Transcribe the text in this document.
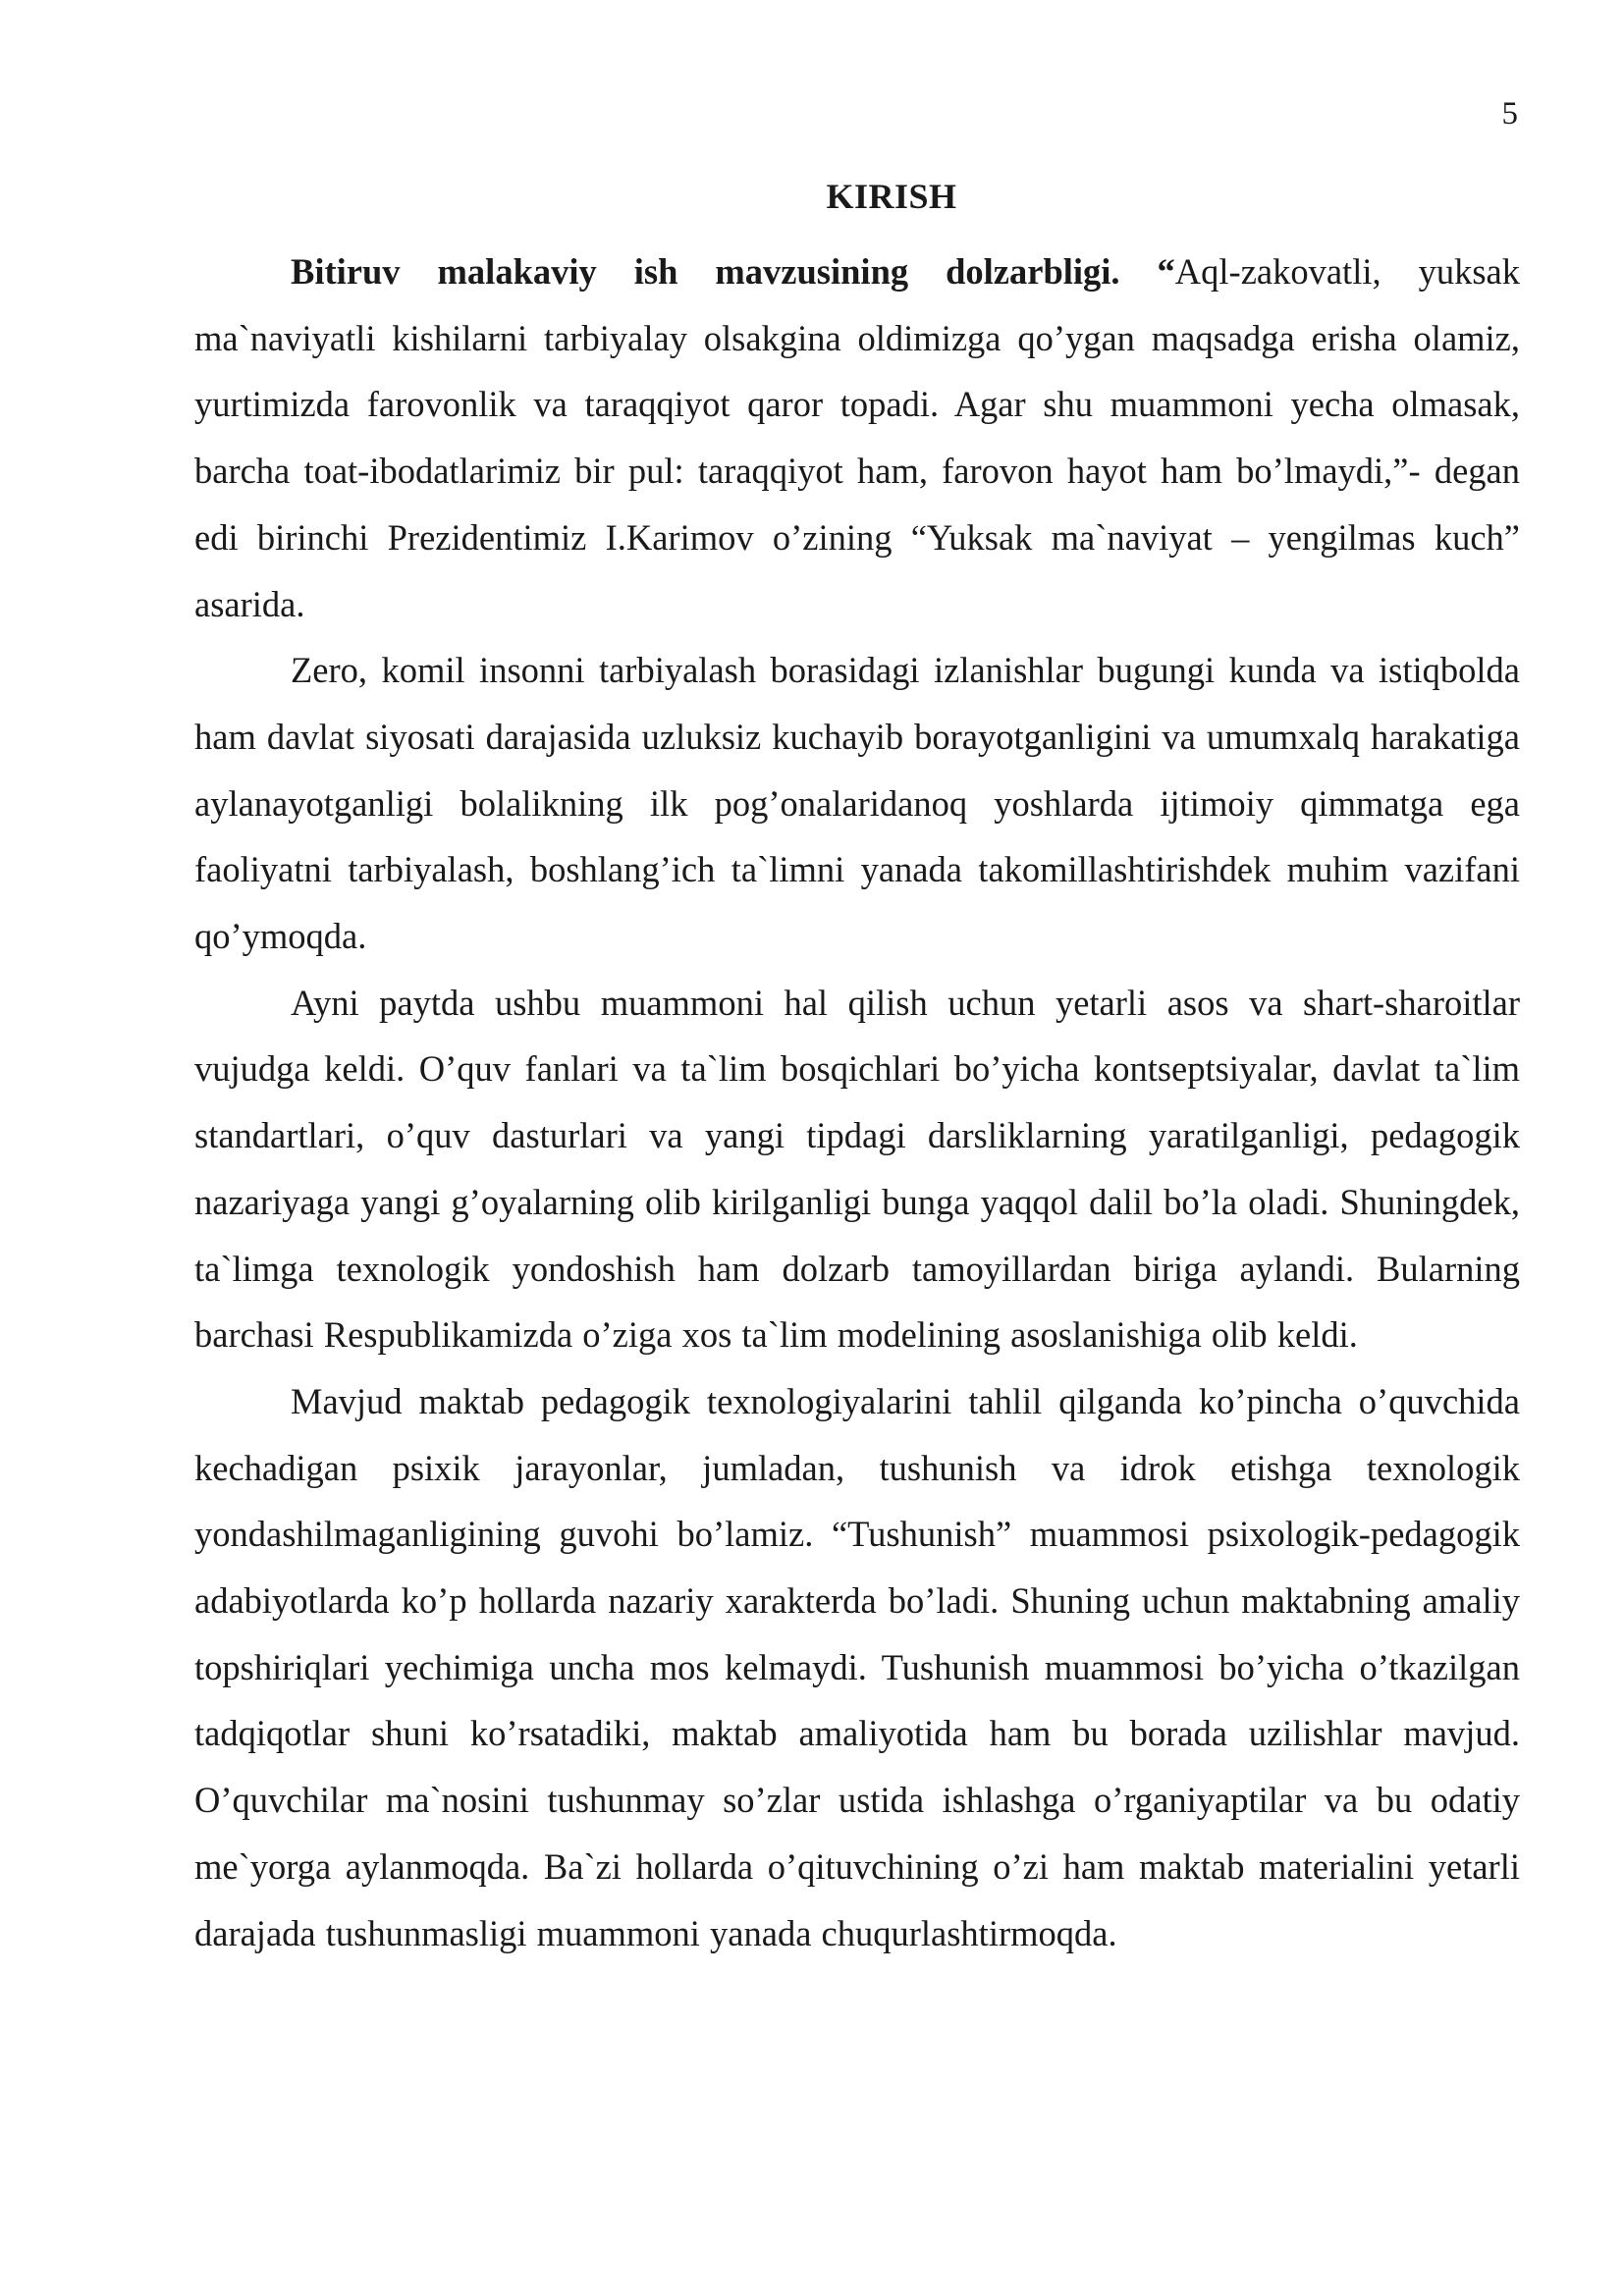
5
KIRISH

Bitiruv malakaviy ish mavzusining dolzarbligi. “Aql-zakovatli, yuksak ma`naviyatli kishilarni tarbiyalay olsakgina oldimizga qo’ygan maqsadga erisha olamiz, yurtimizda farovonlik va taraqqiyot qaror topadi. Agar shu muammoni yecha olmasak, barcha toat-ibodatlarimiz bir pul: taraqqiyot ham, farovon hayot ham bo’lmaydi,”- degan edi birinchi Prezidentimiz I.Karimov o’zining “Yuksak ma`naviyat – yengilmas kuch” asarida.

Zero, komil insonni tarbiyalash borasidagi izlanishlar bugungi kunda va istiqbolda ham davlat siyosati darajasida uzluksiz kuchayib borayotganligini va umumxalq harakatiga aylanayotganligi bolalikning ilk pog’onalaridanoq yoshlarda ijtimoiy qimmatga ega faoliyatni tarbiyalash, boshlang’ich ta`limni yanada takomillashtirishdek muhim vazifani qo’ymoqda.

Ayni paytda ushbu muammoni hal qilish uchun yetarli asos va shart-sharoitlar vujudga keldi. O’quv fanlari va ta`lim bosqichlari bo’yicha kontseptsiyalar, davlat ta`lim standartlari, o’quv dasturlari va yangi tipdagi darsliklarning yaratilganligi, pedagogik nazariyaga yangi g’oyalarning olib kirilganligi bunga yaqqol dalil bo’la oladi. Shuningdek, ta`limga texnologik yondoshish ham dolzarb tamoyillardan biriga aylandi. Bularning barchasi Respublikamizda o’ziga xos ta`lim modelining asoslanishiga olib keldi.

Mavjud maktab pedagogik texnologiyalarini tahlil qilganda ko’pincha o’quvchida kechadigan psixik jarayonlar, jumladan, tushunish va idrok etishga texnologik yondashilmaganligining guvohi bo’lamiz. “Tushunish” muammosi psixologik-pedagogik adabiyotlarda ko’p hollarda nazariy xarakterda bo’ladi. Shuning uchun maktabning amaliy topshiriqlari yechimiga uncha mos kelmaydi. Tushunish muammosi bo’yicha o’tkazilgan tadqiqotlar shuni ko’rsatadiki, maktab amaliyotida ham bu borada uzilishlar mavjud. O’quvchilar ma`nosini tushunmay so’zlar ustida ishlashga o’rganiyaptilar va bu odatiy me`yorga aylanmoqda. Ba`zi hollarda o’qituvchining o’zi ham maktab materialini yetarli darajada tushunmasligi muammoni yanada chuqurlashtirmoqda.
